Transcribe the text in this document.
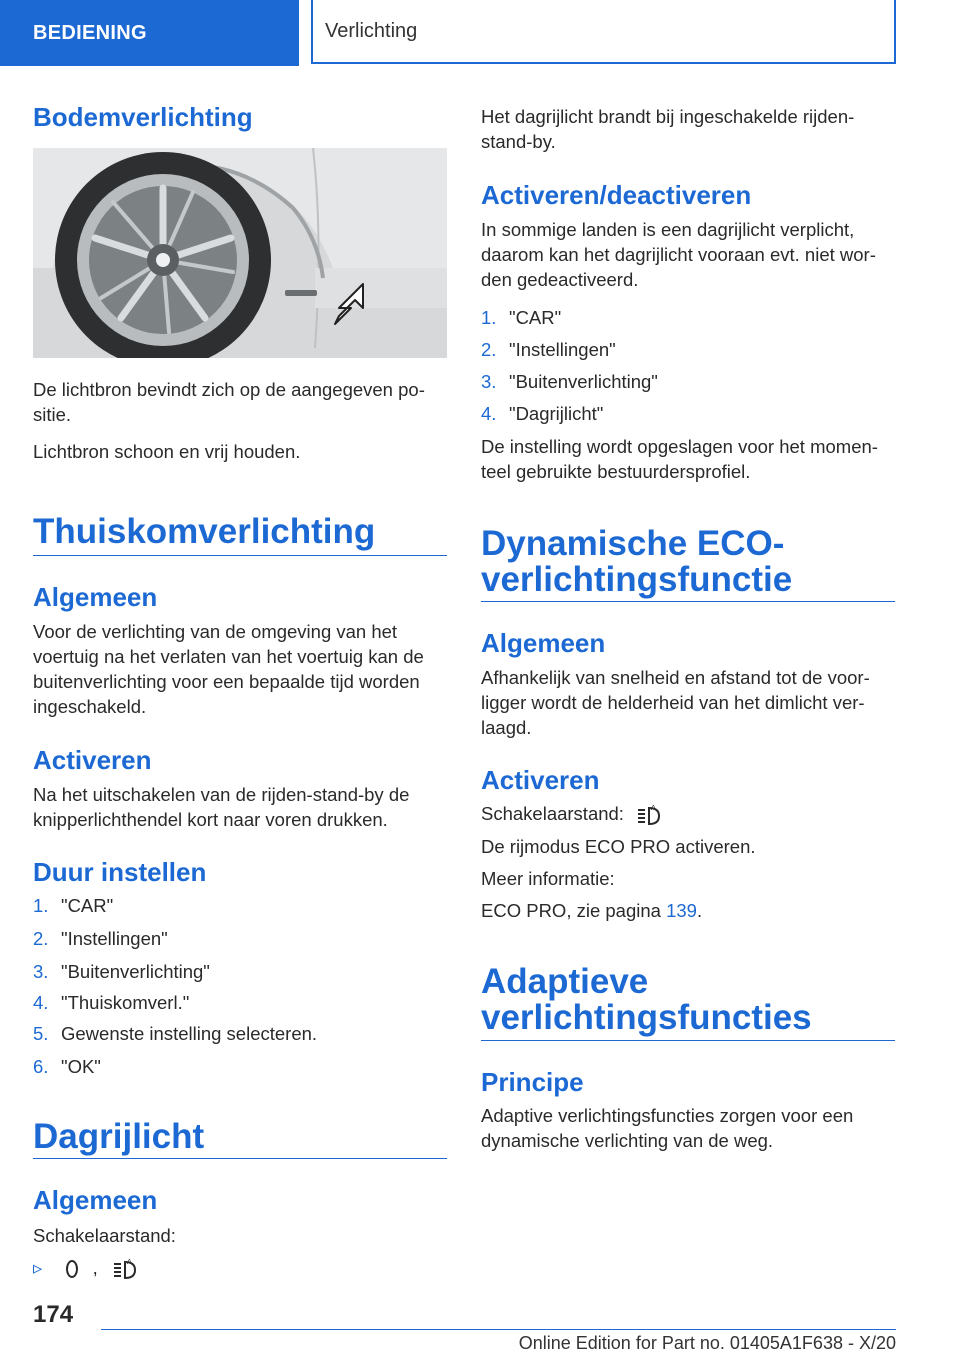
BEDIENING	Verlichting
Bodemverlichting
De lichtbron bevindt zich op de aangegeven po-
sitie.
Lichtbron schoon en vrij houden.
Thuiskomverlichting
Algemeen
Voor de verlichting van de omgeving van het
voertuig na het verlaten van het voertuig kan de
buitenverlichting voor een bepaalde tijd worden
ingeschakeld.
Activeren
Na het uitschakelen van de rijden-stand-by de
knipperlichthendel kort naar voren drukken.
Duur instellen
1. "CAR"
2. "Instellingen"
3. "Buitenverlichting"
4. "Thuiskomverl."
5. Gewenste instelling selecteren.
6. "OK"
Dagrijlicht
Algemeen
Schakelaarstand:
▹	,	A
Het dagrijlicht brandt bij ingeschakelde rijden-
stand-by.
Activeren/deactiveren
In sommige landen is een dagrijlicht verplicht,
daarom kan het dagrijlicht vooraan evt. niet wor-
den gedeactiveerd.
1. "CAR"
2. "Instellingen"
3. "Buitenverlichting"
4. "Dagrijlicht"
De instelling wordt opgeslagen voor het momen-
teel gebruikte bestuurdersprofiel.
Dynamische ECO-
verlichtingsfunctie
Algemeen
Afhankelijk van snelheid en afstand tot de voor-
ligger wordt de helderheid van het dimlicht ver-
laagd.
Activeren
Schakelaarstand:	A
De rijmodus ECO PRO activeren.
Meer informatie:
ECO PRO, zie pagina 139.
Adaptieve
verlichtingsfuncties
Principe
Adaptive verlichtingsfuncties zorgen voor een
dynamische verlichting van de weg.
174
Online Edition for Part no. 01405A1F638 - X/20
